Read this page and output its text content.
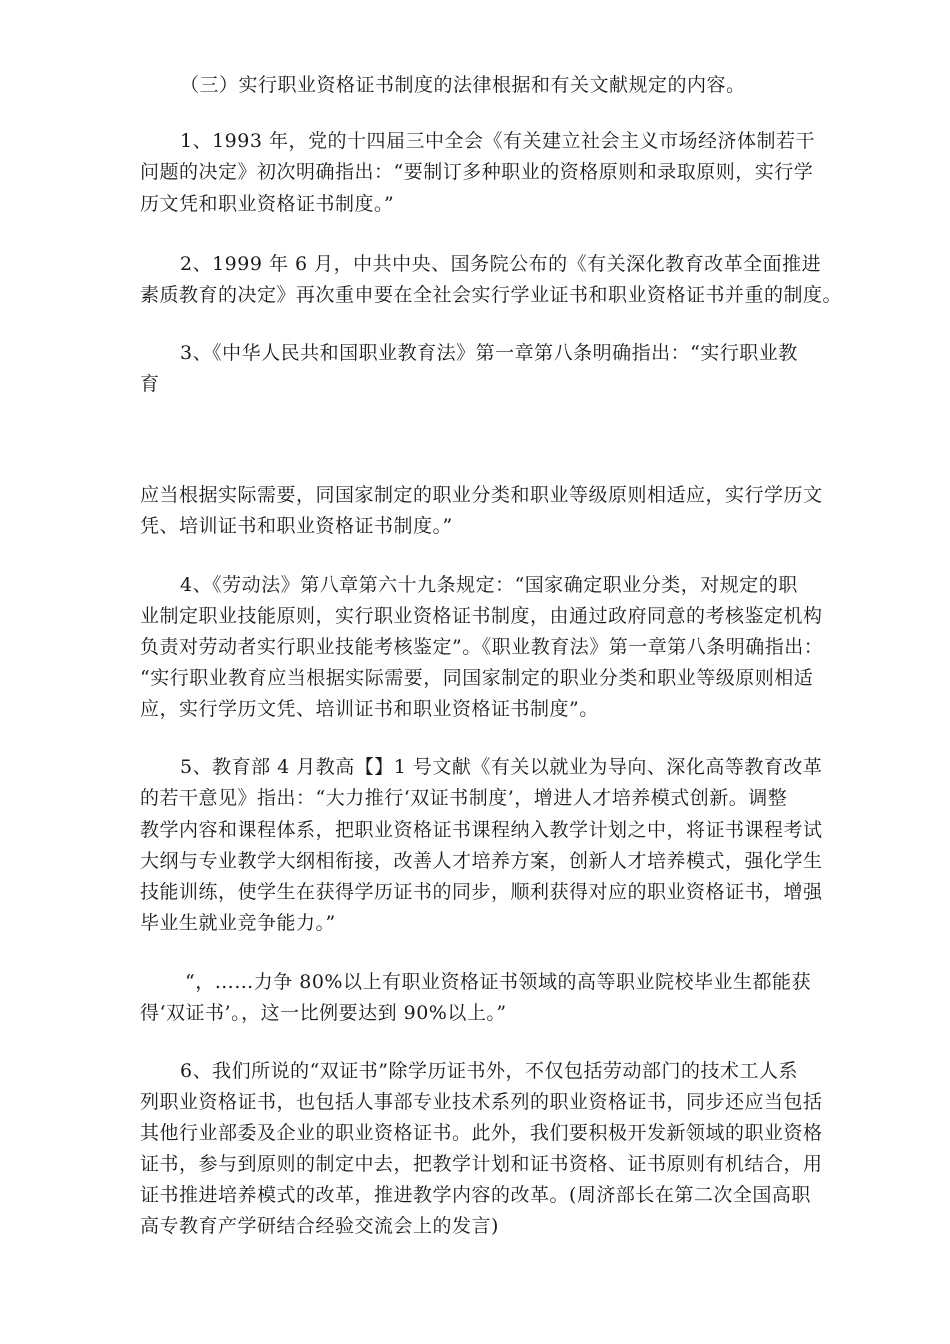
（三）实行职业资格证书制度的法律根据和有关文献规定的内容。
1、1993 年，党的十四届三中全会《有关建立社会主义市场经济体制若干
问题的决定》初次明确指出：“要制订多种职业的资格原则和录取原则，实行学
历文凭和职业资格证书制度。”
2、1999 年 6 月，中共中央、国务院公布的《有关深化教育改革全面推进
素质教育的决定》再次重申要在全社会实行学业证书和职业资格证书并重的制度。
3、《中华人民共和国职业教育法》第一章第八条明确指出：“实行职业教
育
应当根据实际需要，同国家制定的职业分类和职业等级原则相适应，实行学历文
凭、培训证书和职业资格证书制度。”
4、《劳动法》第八章第六十九条规定：“国家确定职业分类，对规定的职
业制定职业技能原则，实行职业资格证书制度，由通过政府同意的考核鉴定机构
负责对劳动者实行职业技能考核鉴定”。《职业教育法》第一章第八条明确指出：
“实行职业教育应当根据实际需要，同国家制定的职业分类和职业等级原则相适
应，实行学历文凭、培训证书和职业资格证书制度”。
5、教育部 4 月教高【】1 号文献《有关以就业为导向、深化高等教育改革
的若干意见》指出：“大力推行‘双证书制度’，增进人才培养模式创新。调整
教学内容和课程体系，把职业资格证书课程纳入教学计划之中，将证书课程考试
大纲与专业教学大纲相衔接，改善人才培养方案，创新人才培养模式，强化学生
技能训练，使学生在获得学历证书的同步，顺利获得对应的职业资格证书，增强
毕业生就业竞争能力。”
“，……力争 80%以上有职业资格证书领域的高等职业院校毕业生都能获
得‘双证书’。，这一比例要达到 90%以上。”
6、我们所说的“双证书”除学历证书外，不仅包括劳动部门的技术工人系
列职业资格证书，也包括人事部专业技术系列的职业资格证书，同步还应当包括
其他行业部委及企业的职业资格证书。此外，我们要积极开发新领域的职业资格
证书，参与到原则的制定中去，把教学计划和证书资格、证书原则有机结合，用
证书推进培养模式的改革，推进教学内容的改革。(周济部长在第二次全国高职
高专教育产学研结合经验交流会上的发言)
